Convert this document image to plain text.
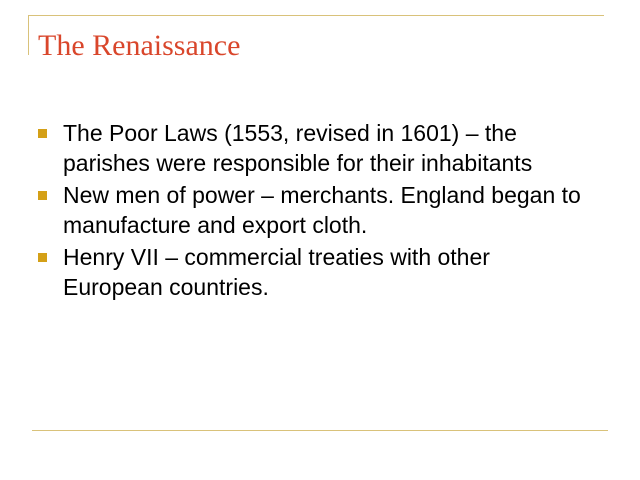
The Renaissance
The Poor Laws (1553, revised in 1601) – the parishes were responsible for their inhabitants
New men of power – merchants. England began to manufacture and export cloth.
Henry VII – commercial treaties with other European countries.
